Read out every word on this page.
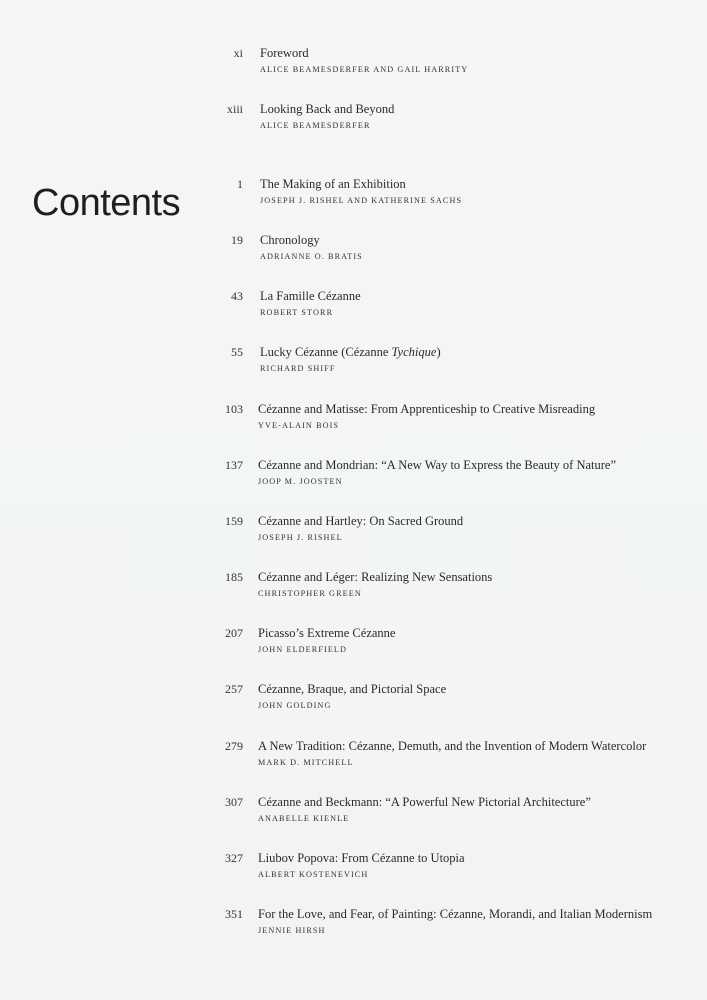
Contents
xi Foreword
ALICE BEAMESDERFER AND GAIL HARRITY
xiii Looking Back and Beyond
ALICE BEAMESDERFER
1 The Making of an Exhibition
JOSEPH J. RISHEL AND KATHERINE SACHS
19 Chronology
ADRIANNE O. BRATIS
43 La Famille Cézanne
ROBERT STORR
55 Lucky Cézanne (Cézanne Tychique)
RICHARD SHIFF
103 Cézanne and Matisse: From Apprenticeship to Creative Misreading
YVE-ALAIN BOIS
137 Cézanne and Mondrian: “A New Way to Express the Beauty of Nature”
JOOP M. JOOSTEN
159 Cézanne and Hartley: On Sacred Ground
JOSEPH J. RISHEL
185 Cézanne and Léger: Realizing New Sensations
CHRISTOPHER GREEN
207 Picasso’s Extreme Cézanne
JOHN ELDERFIELD
257 Cézanne, Braque, and Pictorial Space
JOHN GOLDING
279 A New Tradition: Cézanne, Demuth, and the Invention of Modern Watercolor
MARK D. MITCHELL
307 Cézanne and Beckmann: “A Powerful New Pictorial Architecture”
ANABELLE KIENLE
327 Liubov Popova: From Cézanne to Utopia
ALBERT KOSTENEVICH
351 For the Love, and Fear, of Painting: Cézanne, Morandi, and Italian Modernism
JENNIE HIRSH
